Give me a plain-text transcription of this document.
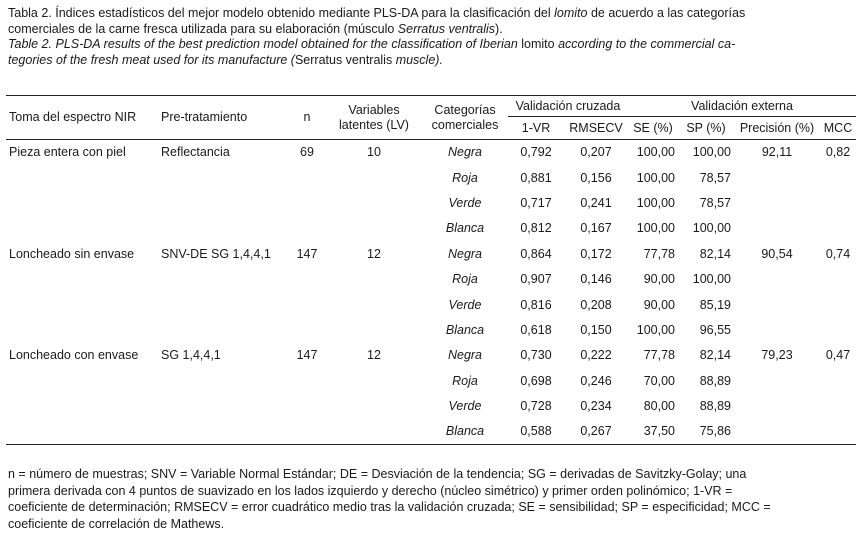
Tabla 2. Índices estadísticos del mejor modelo obtenido mediante PLS-DA para la clasificación del lomito de acuerdo a las categorías
comerciales de la carne fresca utilizada para su elaboración (músculo Serratus ventralis).
Table 2. PLS-DA results of the best prediction model obtained for the classification of Iberian lomito according to the commercial ca-
tegories of the fresh meat used for its manufacture (Serratus ventralis muscle).
Toma del espectro NIR	Pre-tratamiento	n	Variables
latentes (LV)	Categorías
comerciales	Validación cruzada		Validación externa			
					1-VR	RMSECV	SE (%)	SP (%)	Precisión (%)	MCC
Pieza entera con piel	Reflectancia	69	10	Negra	0,792	0,207	100,00	100,00	92,11	0,82
				Roja	0,881	0,156	100,00	78,57		
				Verde	0,717	0,241	100,00	78,57		
				Blanca	0,812	0,167	100,00	100,00		
Loncheado sin envase	SNV-DE SG 1,4,4,1	147	12	Negra	0,864	0,172	77,78	82,14	90,54	0,74
				Roja	0,907	0,146	90,00	100,00		
				Verde	0,816	0,208	90,00	85,19		
				Blanca	0,618	0,150	100,00	96,55		
Loncheado con envase	SG 1,4,4,1	147	12	Negra	0,730	0,222	77,78	82,14	79,23	0,47
				Roja	0,698	0,246	70,00	88,89		
				Verde	0,728	0,234	80,00	88,89		
				Blanca	0,588	0,267	37,50	75,86		
n = número de muestras; SNV = Variable Normal Estándar; DE = Desviación de la tendencia; SG = derivadas de Savitzky-Golay; una
primera derivada con 4 puntos de suavizado en los lados izquierdo y derecho (núcleo simétrico) y primer orden polinómico; 1-VR =
coeficiente de determinación; RMSECV = error cuadrático medio tras la validación cruzada; SE = sensibilidad; SP = especificidad; MCC =
coeficiente de correlación de Mathews.
